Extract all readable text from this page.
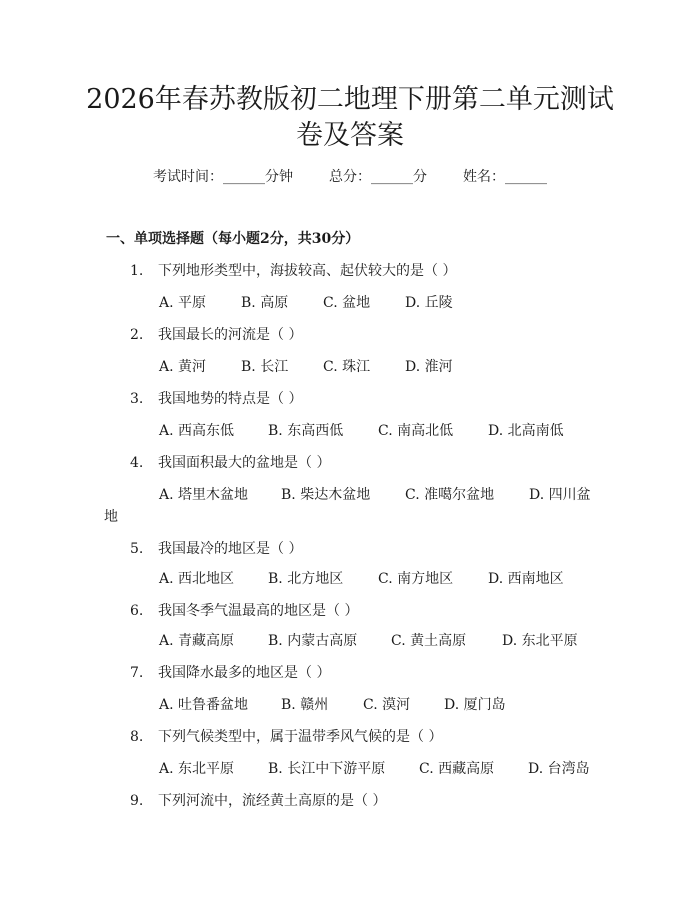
2026年春苏教版初二地理下册第二单元测试
卷及答案
考试时间：______分钟	总分：______分	姓名：______
一、单项选择题（每小题2分，共30分）
1. 下列地形类型中，海拔较高、起伏较大的是（ ）
A. 平原 B. 高原 C. 盆地 D. 丘陵
2. 我国最长的河流是（ ）
A. 黄河 B. 长江 C. 珠江 D. 淮河
3. 我国地势的特点是（ ）
A. 西高东低 B. 东高西低 C. 南高北低 D. 北高南低
4. 我国面积最大的盆地是（ ）
A. 塔里木盆地 B. 柴达木盆地 C. 准噶尔盆地 D. 四川盆
地
5. 我国最冷的地区是（ ）
A. 西北地区 B. 北方地区 C. 南方地区 D. 西南地区
6. 我国冬季气温最高的地区是（ ）
A. 青藏高原 B. 内蒙古高原 C. 黄土高原	D. 东北平原
7. 我国降水最多的地区是（ ）
A. 吐鲁番盆地 B. 赣州 C. 漠河 D. 厦门岛
8. 下列气候类型中，属于温带季风气候的是（ ）
A. 东北平原 B. 长江中下游平原 C. 西藏高原 D. 台湾岛
9. 下列河流中，流经黄土高原的是（ ）
